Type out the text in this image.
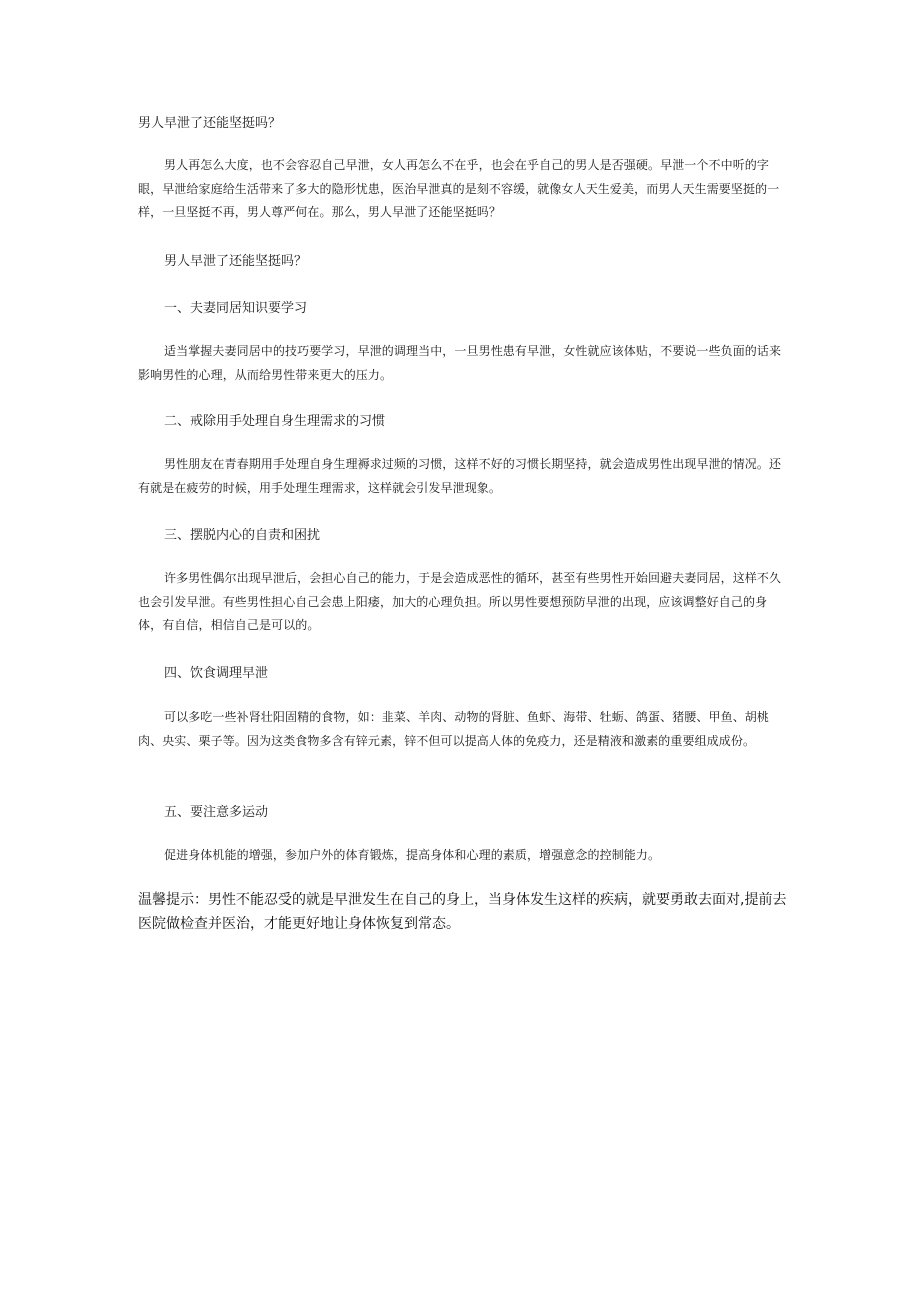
男人早泄了还能坚挺吗？

男人再怎么大度，也不会容忍自己早泄，女人再怎么不在乎，也会在乎自己的男人是否强硬。早泄一个不中听的字眼，早泄给家庭给生活带来了多大的隐形忧患，医治早泄真的是刻不容缓，就像女人天生爱美，而男人天生需要坚挺的一样，一旦坚挺不再，男人尊严何在。那么，男人早泄了还能坚挺吗？

男人早泄了还能坚挺吗？
一、夫妻同居知识要学习

适当掌握夫妻同居中的技巧要学习，早泄的调理当中，一旦男性患有早泄，女性就应该体贴，不要说一些负面的话来影响男性的心理，从而给男性带来更大的压力。

二、戒除用手处理自身生理需求的习惯

男性朋友在青春期用手处理自身生理褥求过频的习惯，这样不好的习惯长期坚持，就会造成男性出现早泄的情况。还有就是在疲劳的时候，用手处理生理需求，这样就会引发早泄现象。

三、摆脱内心的自责和困扰

许多男性偶尔出现早泄后，会担心自己的能力，于是会造成恶性的循环，甚至有些男性开始回避夫妻同居，这样不久也会引发早泄。有些男性担心自己会患上阳痿，加大的心理负担。所以男性要想预防早泄的出现，应该调整好自己的身体，有自信，相信自己是可以的。

四、饮食调理早泄

可以多吃一些补肾壮阳固精的食物，如：韭菜、羊肉、动物的肾脏、鱼虾、海带、牡蛎、鸽蛋、猪腰、甲鱼、胡桃肉、央实、栗子等。因为这类食物多含有锌元素，锌不但可以提高人体的免疫力，还是精液和激素的重要组成成份。

五、要注意多运动

促进身体机能的增强，参加户外的体育锻炼，提高身体和心理的素质，增强意念的控制能力。

温馨提示：男性不能忍受的就是早泄发生在自己的身上，当身体发生这样的疾病，就要勇敢去面对,提前去医院做检查并医治，才能更好地让身体恢复到常态。
